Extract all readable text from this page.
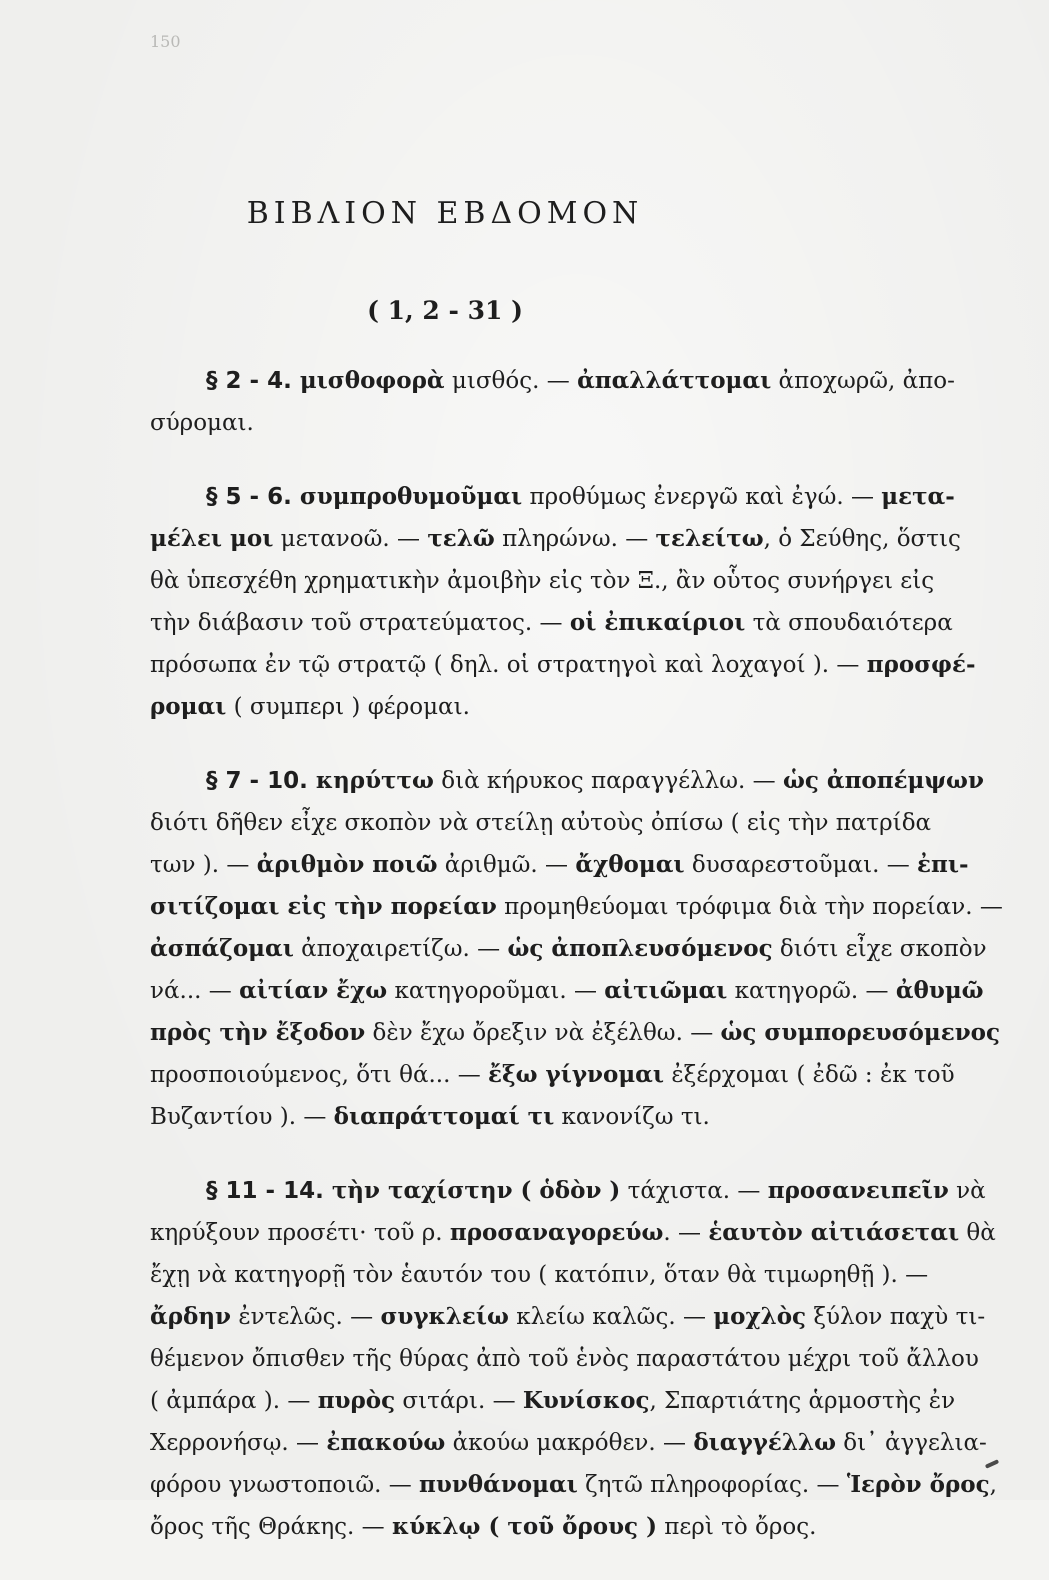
150
ΒΙΒΛΙΟΝ ΕΒΔΟΜΟΝ
( 1, 2 - 31 )
§ 2 - 4. μισθοφορὰ μισθός. — ἀπαλλάττομαι ἀποχωρῶ, ἀπο-
σύρομαι.
§ 5 - 6. συμπροθυμοῦμαι προθύμως ἐνεργῶ καὶ ἐγώ. — μετα-
μέλει μοι μετανοῶ. — τελῶ πληρώνω. — τελείτω, ὁ Σεύθης, ὅστις
θὰ ὑπεσχέθη χρηματικὴν ἀμοιβὴν εἰς τὸν Ξ., ἂν οὗτος συνήργει εἰς
τὴν διάβασιν τοῦ στρατεύματος. — οἱ ἐπικαίριοι τὰ σπουδαιότερα
πρόσωπα ἐν τῷ στρατῷ ( δηλ. οἱ στρατηγοὶ καὶ λοχαγοί ). — προσφέ-
ρομαι ( συμπερι ) φέρομαι.
§ 7 - 10. κηρύττω διὰ κήρυκος παραγγέλλω. — ὡς ἀποπέμψων
διότι δῆθεν εἶχε σκοπὸν νὰ στείλῃ αὐτοὺς ὀπίσω ( εἰς τὴν πατρίδα
των ). — ἀριθμὸν ποιῶ ἀριθμῶ. — ἄχθομαι δυσαρεστοῦμαι. — ἐπι-
σιτίζομαι εἰς τὴν πορείαν προμηθεύομαι τρόφιμα διὰ τὴν πορείαν. —
ἀσπάζομαι ἀποχαιρετίζω. — ὡς ἀποπλευσόμενος διότι εἶχε σκοπὸν
νά... — αἰτίαν ἔχω κατηγοροῦμαι. — αἰτιῶμαι κατηγορῶ. — ἀθυμῶ
πρὸς τὴν ἔξοδον δὲν ἔχω ὄρεξιν νὰ ἐξέλθω. — ὡς συμπορευσόμενος
προσποιούμενος, ὅτι θά... — ἔξω γίγνομαι ἐξέρχομαι ( ἐδῶ : ἐκ τοῦ
Βυζαντίου ). — διαπράττομαί τι κανονίζω τι.
§ 11 - 14. τὴν ταχίστην ( ὁδὸν ) τάχιστα. — προσανειπεῖν νὰ
κηρύξουν προσέτι· τοῦ ρ. προσαναγορεύω. — ἑαυτὸν αἰτιάσεται θὰ
ἔχῃ νὰ κατηγορῇ τὸν ἑαυτόν του ( κατόπιν, ὅταν θὰ τιμωρηθῇ ). —
ἄρδην ἐντελῶς. — συγκλείω κλείω καλῶς. — μοχλὸς ξύλον παχὺ τι-
θέμενον ὄπισθεν τῆς θύρας ἀπὸ τοῦ ἑνὸς παραστάτου μέχρι τοῦ ἄλλου
( ἀμπάρα ). — πυρὸς σιτάρι. — Κυνίσκος, Σπαρτιάτης ἁρμοστὴς ἐν
Χερρονήσῳ. — ἐπακούω ἀκούω μακρόθεν. — διαγγέλλω δι᾽ ἀγγελια-
φόρου γνωστοποιῶ. — πυνθάνομαι ζητῶ πληροφορίας. — Ἱερὸν ὄρος,
ὄρος τῆς Θράκης. — κύκλῳ ( τοῦ ὄρους ) περὶ τὸ ὄρος.
